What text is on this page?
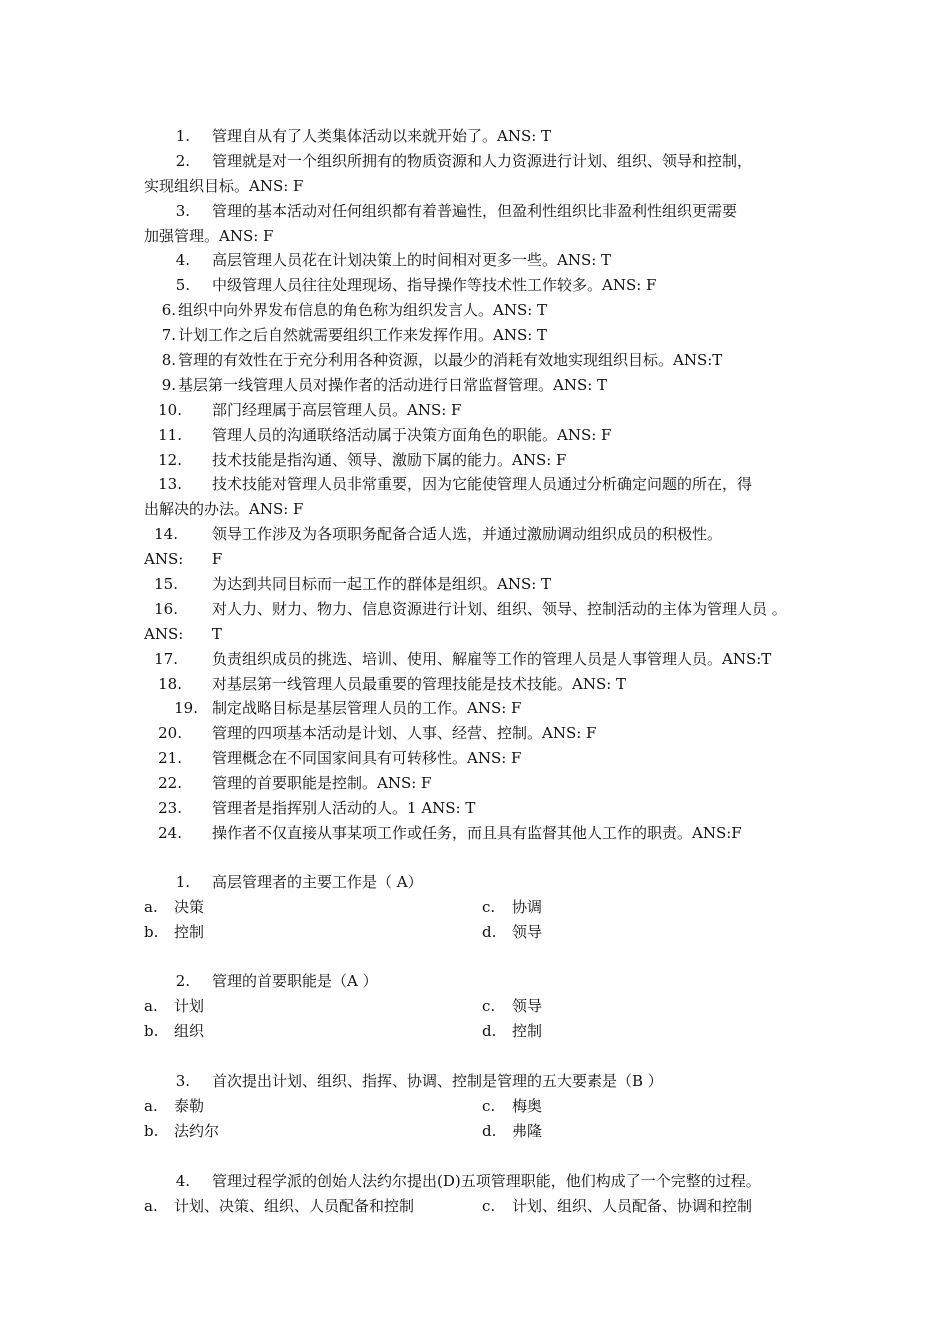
1. 管理自从有了人类集体活动以来就开始了。ANS: T
2. 管理就是对一个组织所拥有的物质资源和人力资源进行计划、组织、领导和控制，
实现组织目标。ANS: F
3. 管理的基本活动对任何组织都有着普遍性，但盈利性组织比非盈利性组织更需要
加强管理。ANS: F
4. 高层管理人员花在计划决策上的时间相对更多一些。ANS: T
5. 中级管理人员往往处理现场、指导操作等技术性工作较多。ANS: F
6. 组织中向外界发布信息的角色称为组织发言人。ANS: T
7. 计划工作之后自然就需要组织工作来发挥作用。ANS: T
8. 管理的有效性在于充分利用各种资源，以最少的消耗有效地实现组织目标。ANS:T
9. 基层第一线管理人员对操作者的活动进行日常监督管理。ANS: T
10. 部门经理属于高层管理人员。ANS: F
11. 管理人员的沟通联络活动属于决策方面角色的职能。ANS: F
12. 技术技能是指沟通、领导、激励下属的能力。ANS: F
13. 技术技能对管理人员非常重要，因为它能使管理人员通过分析确定问题的所在，得
出解决的办法。ANS: F
14. 领导工作涉及为各项职务配备合适人选，并通过激励调动组织成员的积极性。
ANS:      F
15. 为达到共同目标而一起工作的群体是组织。ANS: T
16. 对人力、财力、物力、信息资源进行计划、组织、领导、控制活动的主体为管理人员 。
ANS:      T
17. 负责组织成员的挑选、培训、使用、解雇等工作的管理人员是人事管理人员。ANS:T
18. 对基层第一线管理人员最重要的管理技能是技术技能。ANS: T
19. 制定战略目标是基层管理人员的工作。ANS: F
20. 管理的四项基本活动是计划、人事、经营、控制。ANS: F
21. 管理概念在不同国家间具有可转移性。ANS: F
22. 管理的首要职能是控制。ANS: F
23. 管理者是指挥别人活动的人。1 ANS: T
24. 操作者不仅直接从事某项工作或任务，而且具有监督其他人工作的职责。ANS:F
1. 高层管理者的主要工作是（ A）
a. 决策	c. 协调
b. 控制	d. 领导
2. 管理的首要职能是（A ）
a. 计划	c. 领导
b. 组织	d. 控制
3. 首次提出计划、组织、指挥、协调、控制是管理的五大要素是（B ）
a. 泰勒	c. 梅奥
b. 法约尔	d. 弗隆
4. 管理过程学派的创始人法约尔提出(D)五项管理职能，他们构成了一个完整的过程。
a. 计划、决策、组织、人员配备和控制	c. 计划、组织、人员配备、协调和控制
